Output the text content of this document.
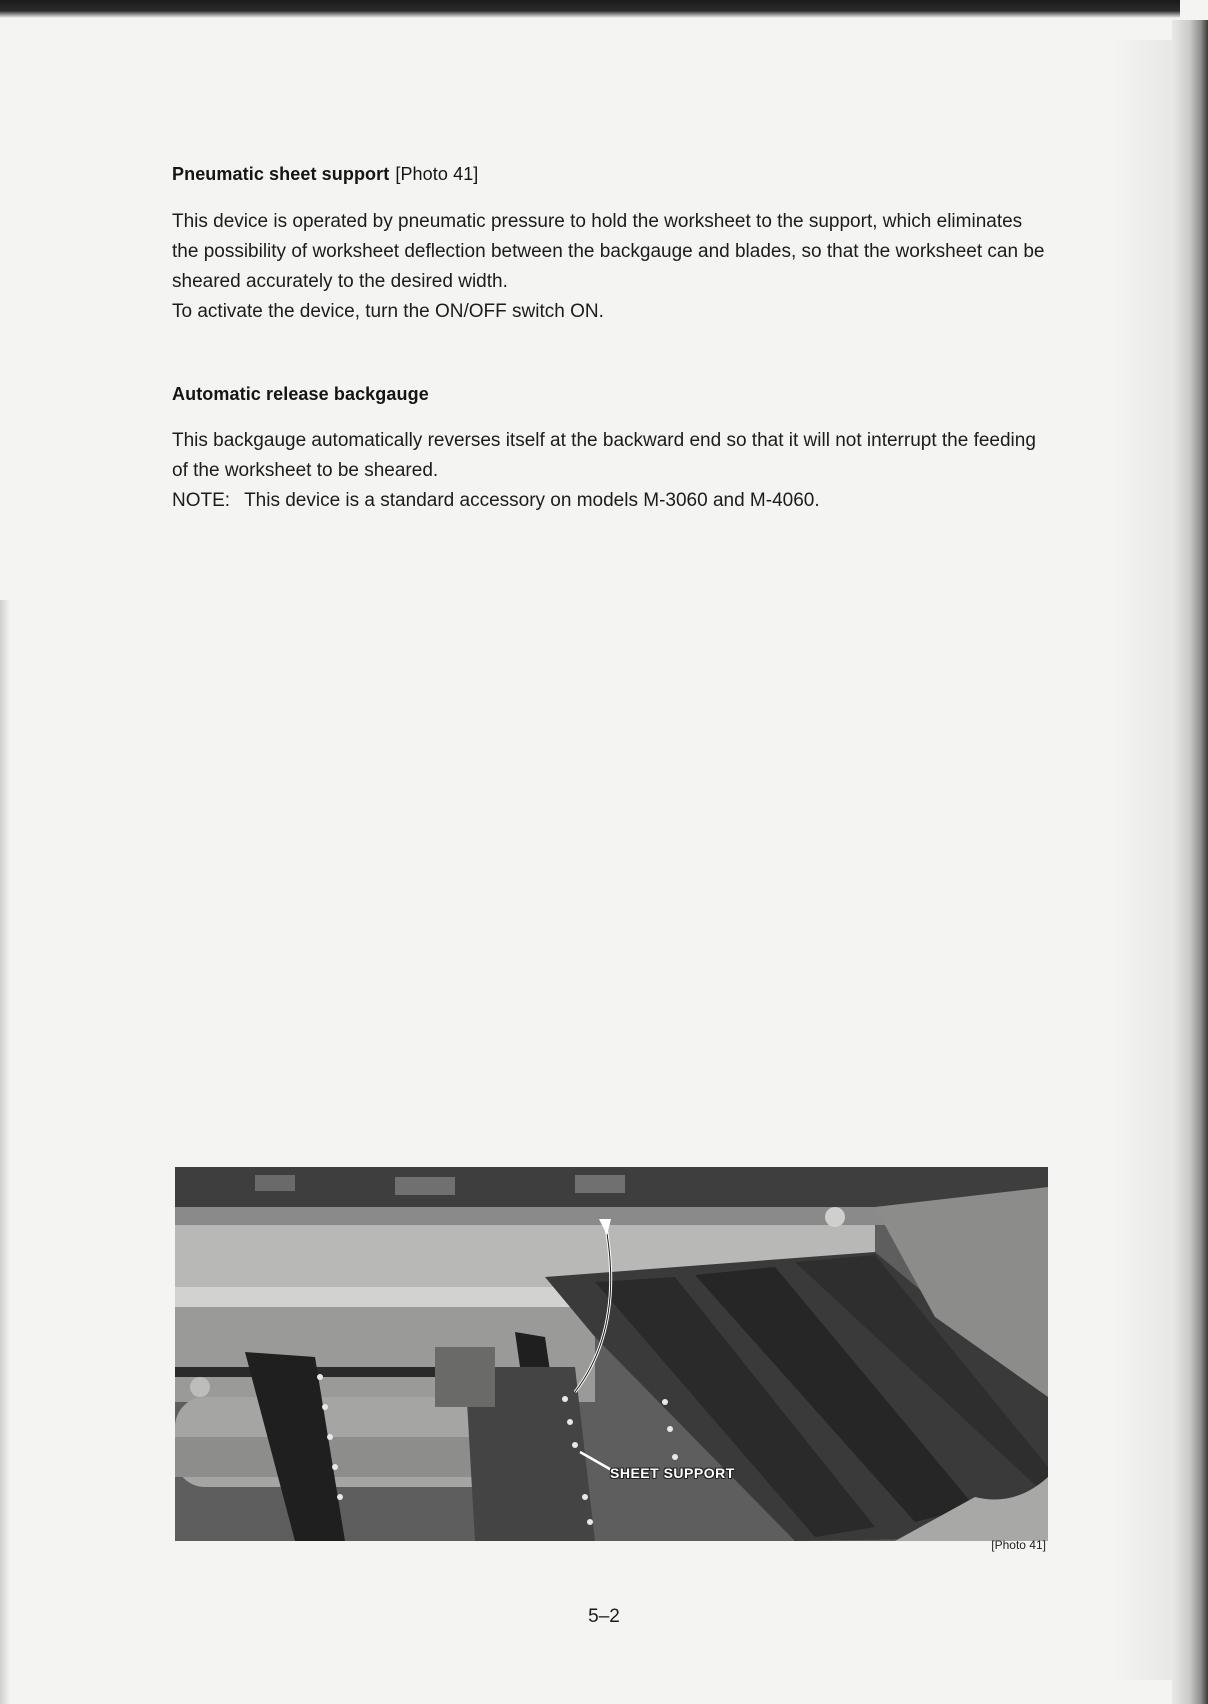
Pneumatic sheet support [Photo 41]

This device is operated by pneumatic pressure to hold the worksheet to the support, which eliminates the possibility of worksheet deflection between the backgauge and blades, so that the worksheet can be sheared accurately to the desired width.

To activate the device, turn the ON/OFF switch ON.

Automatic release backgauge

This backgauge automatically reverses itself at the backward end so that it will not interrupt the feeding of the worksheet to be sheared.

NOTE: This device is a standard accessory on models M-3060 and M-4060.

SHEET SUPPORT
[Photo 41]
5–2
